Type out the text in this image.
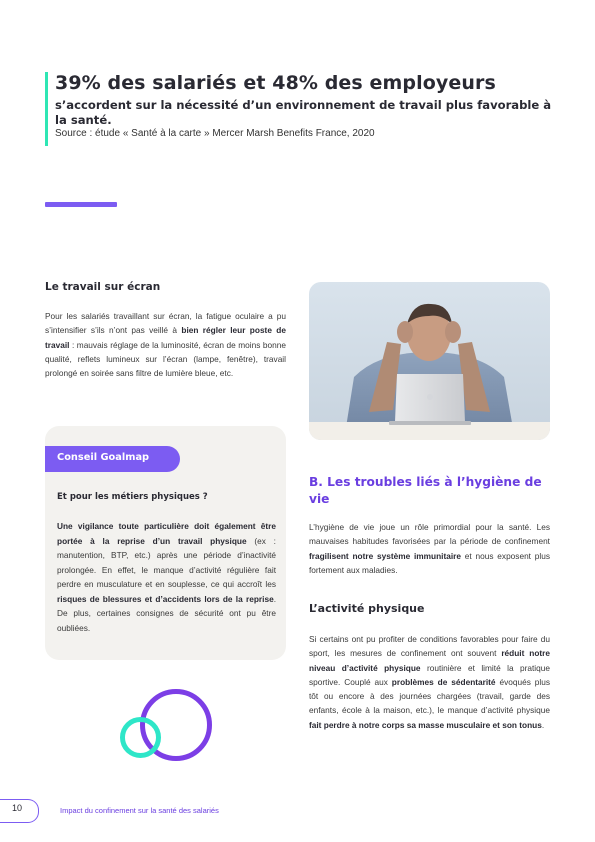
39% des salariés et 48% des employeurs
s’accordent sur la nécessité d’un environnement de travail plus favorable à la santé.
Source : étude « Santé à la carte » Mercer Marsh Benefits France, 2020
Le travail sur écran
Pour les salariés travaillant sur écran, la fatigue oculaire a pu s’intensifier s’ils n’ont pas veillé à bien régler leur poste de travail : mauvais réglage de la luminosité, écran de moins bonne qualité, reflets lumineux sur l’écran (lampe, fenêtre), travail prolongé en soirée sans filtre de lumière bleue, etc.
Conseil Goalmap
Et pour les métiers physiques ?
Une vigilance toute particulière doit également être portée à la reprise d’un travail physique (ex : manutention, BTP, etc.) après une période d’inactivité prolongée. En effet, le manque d’activité régulière fait perdre en musculature et en souplesse, ce qui accroît les risques de blessures et d’accidents lors de la reprise. De plus, certaines consignes de sécurité ont pu être oubliées.
B. Les troubles liés à l’hygiène de vie
L’hygiène de vie joue un rôle primordial pour la santé. Les mauvaises habitudes favorisées par la période de confinement fragilisent notre système immunitaire et nous exposent plus fortement aux maladies.
L’activité physique
Si certains ont pu profiter de conditions favorables pour faire du sport, les mesures de confinement ont souvent réduit notre niveau d’activité physique routinière et limité la pratique sportive. Couplé aux problèmes de sédentarité évoqués plus tôt ou encore à des journées chargées (travail, garde des enfants, école à la maison, etc.), le manque d’activité physique fait perdre à notre corps sa masse musculaire et son tonus.
10	Impact du confinement sur la santé des salariés
